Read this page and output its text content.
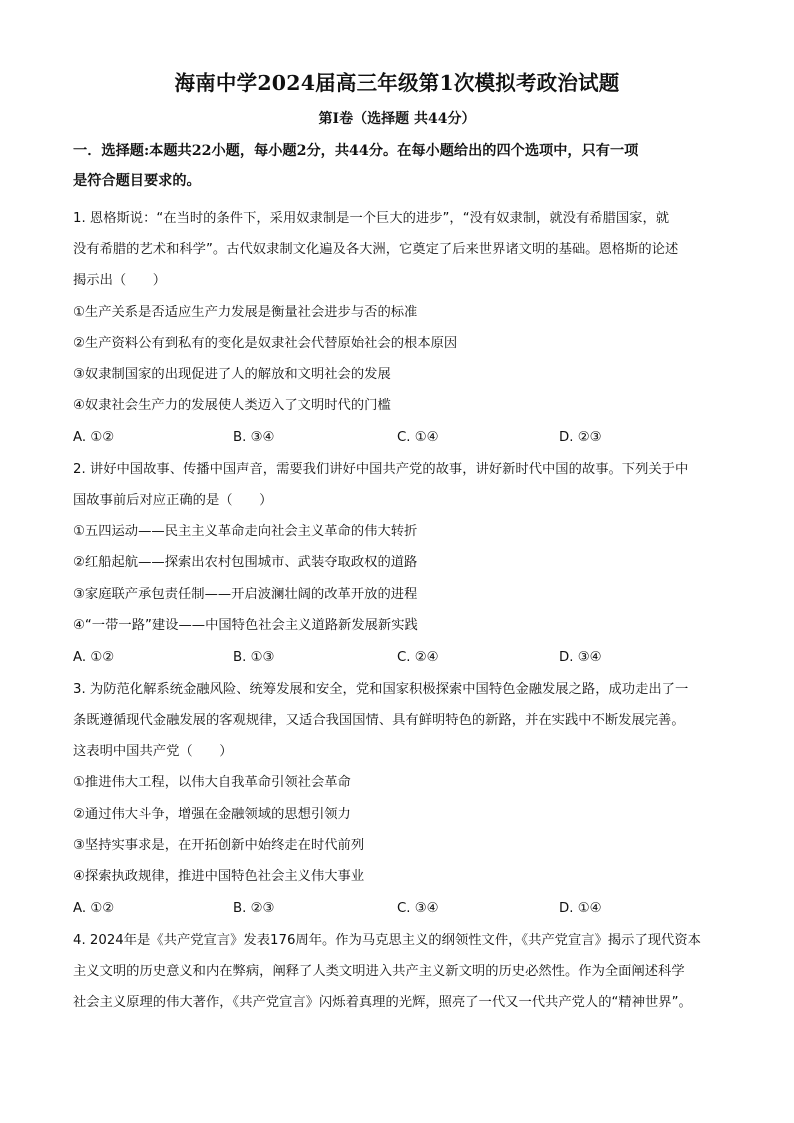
海南中学2024届高三年级第1次模拟考政治试题
第Ⅰ卷（选择题 共44分）
一．选择题:本题共22小题，每小题2分，共44分。在每小题给出的四个选项中，只有一项
是符合题目要求的。
1. 恩格斯说：“在当时的条件下，采用奴隶制是一个巨大的进步”，“没有奴隶制，就没有希腊国家，就
没有希腊的艺术和科学”。古代奴隶制文化遍及各大洲，它奠定了后来世界诸文明的基础。恩格斯的论述
揭示出（　　）
①生产关系是否适应生产力发展是衡量社会进步与否的标准
②生产资料公有到私有的变化是奴隶社会代替原始社会的根本原因
③奴隶制国家的出现促进了人的解放和文明社会的发展
④奴隶社会生产力的发展使人类迈入了文明时代的门槛
A. ①②	B. ③④	C. ①④	D. ②③
2. 讲好中国故事、传播中国声音，需要我们讲好中国共产党的故事，讲好新时代中国的故事。下列关于中
国故事前后对应正确的是（　　）
①五四运动——民主主义革命走向社会主义革命的伟大转折
②红船起航——探索出农村包围城市、武装夺取政权的道路
③家庭联产承包责任制——开启波澜壮阔的改革开放的进程
④“一带一路”建设——中国特色社会主义道路新发展新实践
A. ①②	B. ①③	C. ②④	D. ③④
3. 为防范化解系统金融风险、统筹发展和安全，党和国家积极探索中国特色金融发展之路，成功走出了一
条既遵循现代金融发展的客观规律，又适合我国国情、具有鲜明特色的新路，并在实践中不断发展完善。
这表明中国共产党（　　）
①推进伟大工程，以伟大自我革命引领社会革命
②通过伟大斗争，增强在金融领域的思想引领力
③坚持实事求是，在开拓创新中始终走在时代前列
④探索执政规律，推进中国特色社会主义伟大事业
A. ①②	B. ②③	C. ③④	D. ①④
4. 2024年是《共产党宣言》发表176周年。作为马克思主义的纲领性文件，《共产党宣言》揭示了现代资本
主义文明的历史意义和内在弊病，阐释了人类文明进入共产主义新文明的历史必然性。作为全面阐述科学
社会主义原理的伟大著作，《共产党宣言》闪烁着真理的光辉，照亮了一代又一代共产党人的“精神世界”。
